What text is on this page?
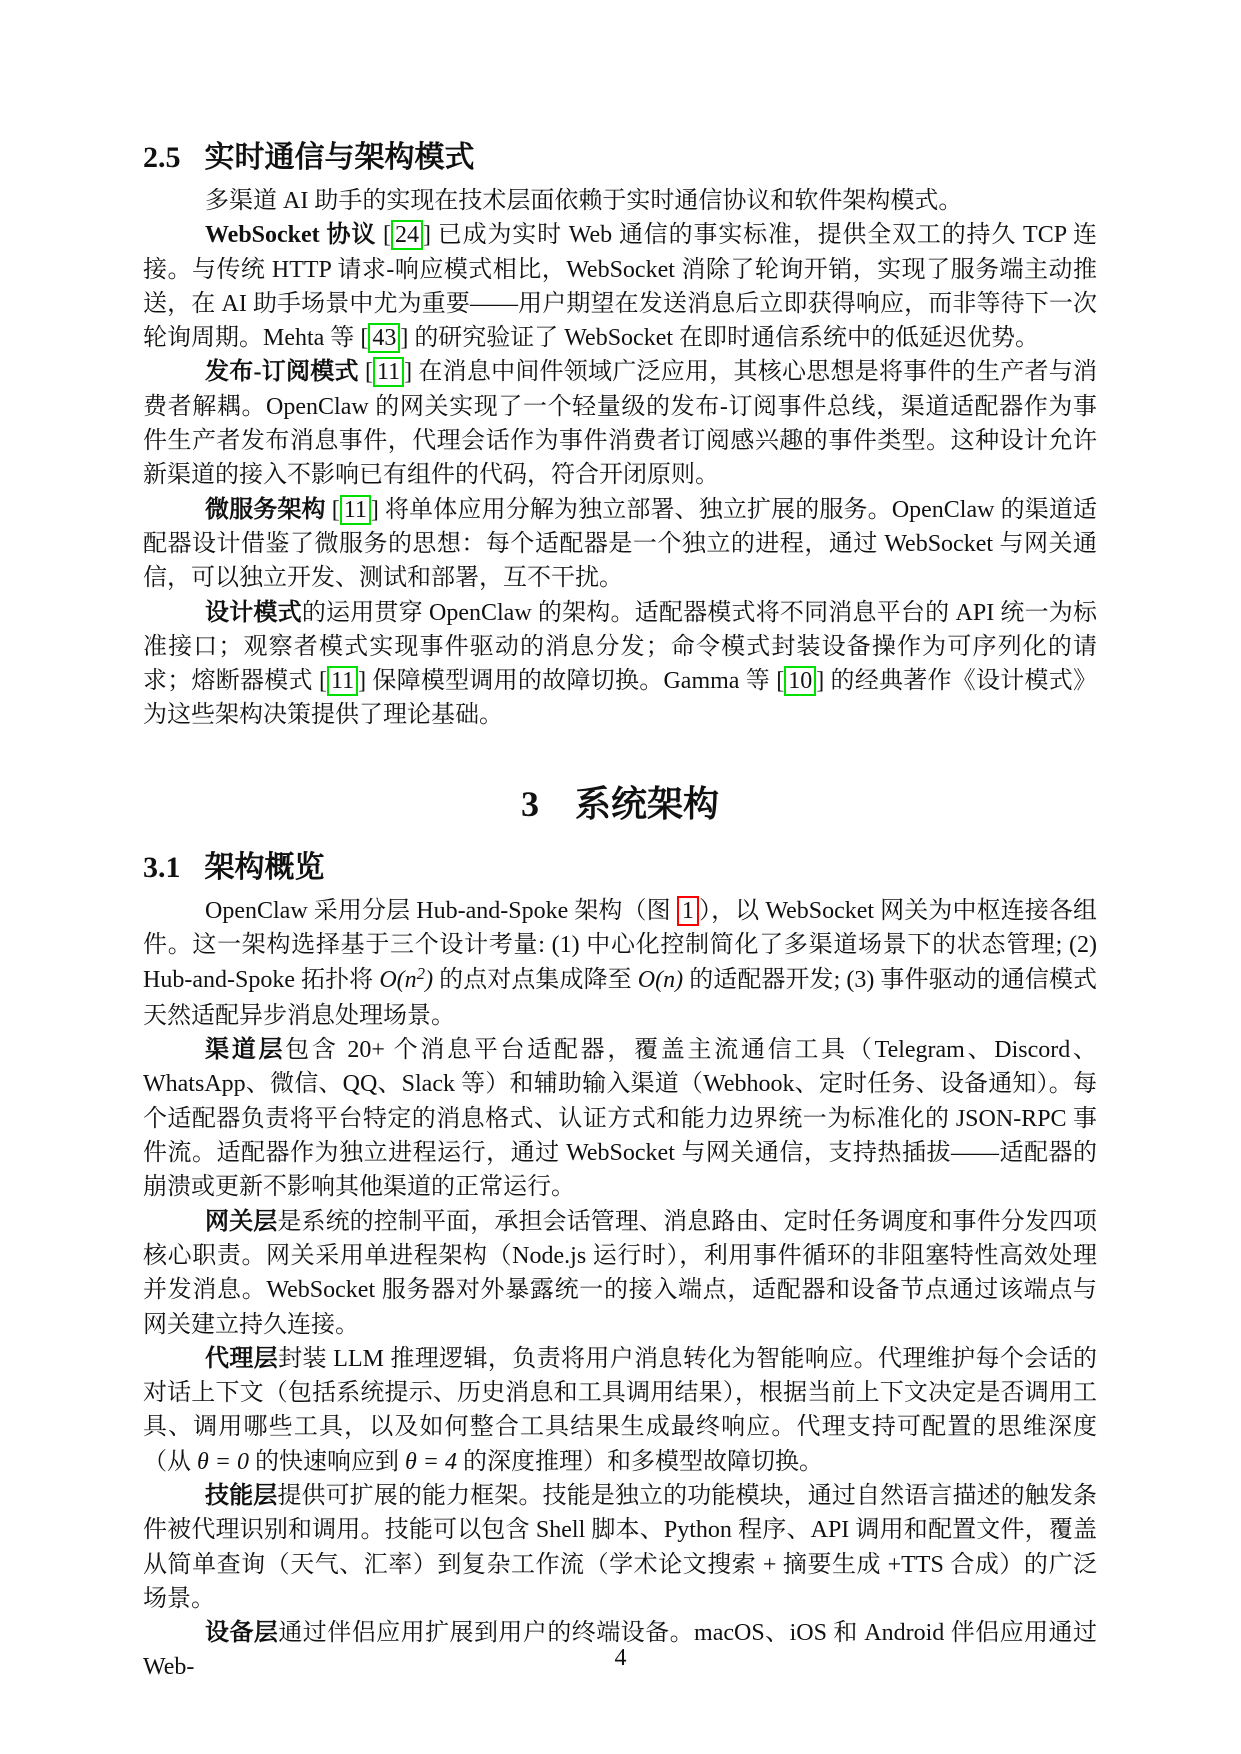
2.5 实时通信与架构模式

多渠道 AI 助手的实现在技术层面依赖于实时通信协议和软件架构模式。

WebSocket 协议 [ 24 ] 已成为实时 Web 通信的事实标准，提供全双工的持久 TCP 连接。与传统 HTTP 请求-响应模式相比，WebSocket 消除了轮询开销，实现了服务端主动推送，在 AI 助手场景中尤为重要——用户期望在发送消息后立即获得响应，而非等待下一次轮询周期。Mehta 等 [ 43 ] 的研究验证了 WebSocket 在即时通信系统中的低延迟优势。

发布-订阅模式 [ 11 ] 在消息中间件领域广泛应用，其核心思想是将事件的生产者与消费者解耦。OpenClaw 的网关实现了一个轻量级的发布-订阅事件总线，渠道适配器作为事件生产者发布消息事件，代理会话作为事件消费者订阅感兴趣的事件类型。这种设计允许新渠道的接入不影响已有组件的代码，符合开闭原则。

微服务架构 [ 11 ] 将单体应用分解为独立部署、独立扩展的服务。OpenClaw 的渠道适配器设计借鉴了微服务的思想：每个适配器是一个独立的进程，通过 WebSocket 与网关通信，可以独立开发、测试和部署，互不干扰。

设计模式的运用贯穿 OpenClaw 的架构。适配器模式将不同消息平台的 API 统一为标准接口；观察者模式实现事件驱动的消息分发；命令模式封装设备操作为可序列化的请求；熔断器模式 [ 11 ] 保障模型调用的故障切换。Gamma 等 [ 10 ] 的经典著作《设计模式》为这些架构决策提供了理论基础。

3 系统架构
3.1 架构概览

OpenClaw 采用分层 Hub-and-Spoke 架构（图 1 ），以 WebSocket 网关为中枢连接各组件。这一架构选择基于三个设计考量: (1) 中心化控制简化了多渠道场景下的状态管理; (2) Hub-and-Spoke 拓扑将 $O(n^2)$ 的点对点集成降至 O(n) 的适配器开发; (3) 事件驱动的通信模式天然适配异步消息处理场景。

渠道层包含 20+ 个消息平台适配器，覆盖主流通信工具（Telegram、Discord、WhatsApp、微信、QQ、Slack 等）和辅助输入渠道（Webhook、定时任务、设备通知）。每个适配器负责将平台特定的消息格式、认证方式和能力边界统一为标准化的 JSON-RPC 事件流。适配器作为独立进程运行，通过 WebSocket 与网关通信，支持热插拔——适配器的崩溃或更新不影响其他渠道的正常运行。

网关层是系统的控制平面，承担会话管理、消息路由、定时任务调度和事件分发四项核心职责。网关采用单进程架构（Node.js 运行时），利用事件循环的非阻塞特性高效处理并发消息。WebSocket 服务器对外暴露统一的接入端点，适配器和设备节点通过该端点与网关建立持久连接。

代理层封装 LLM 推理逻辑，负责将用户消息转化为智能响应。代理维护每个会话的对话上下文（包括系统提示、历史消息和工具调用结果），根据当前上下文决定是否调用工具、调用哪些工具，以及如何整合工具结果生成最终响应。代理支持可配置的思维深度（从 θ = 0 的快速响应到 θ = 4 的深度推理）和多模型故障切换。

技能层提供可扩展的能力框架。技能是独立的功能模块，通过自然语言描述的触发条件被代理识别和调用。技能可以包含 Shell 脚本、Python 程序、API 调用和配置文件，覆盖从简单查询（天气、汇率）到复杂工作流（学术论文搜索 + 摘要生成 +TTS 合成）的广泛场景。

设备层通过伴侣应用扩展到用户的终端设备。macOS、iOS 和 Android 伴侣应用通过 Web-	4
